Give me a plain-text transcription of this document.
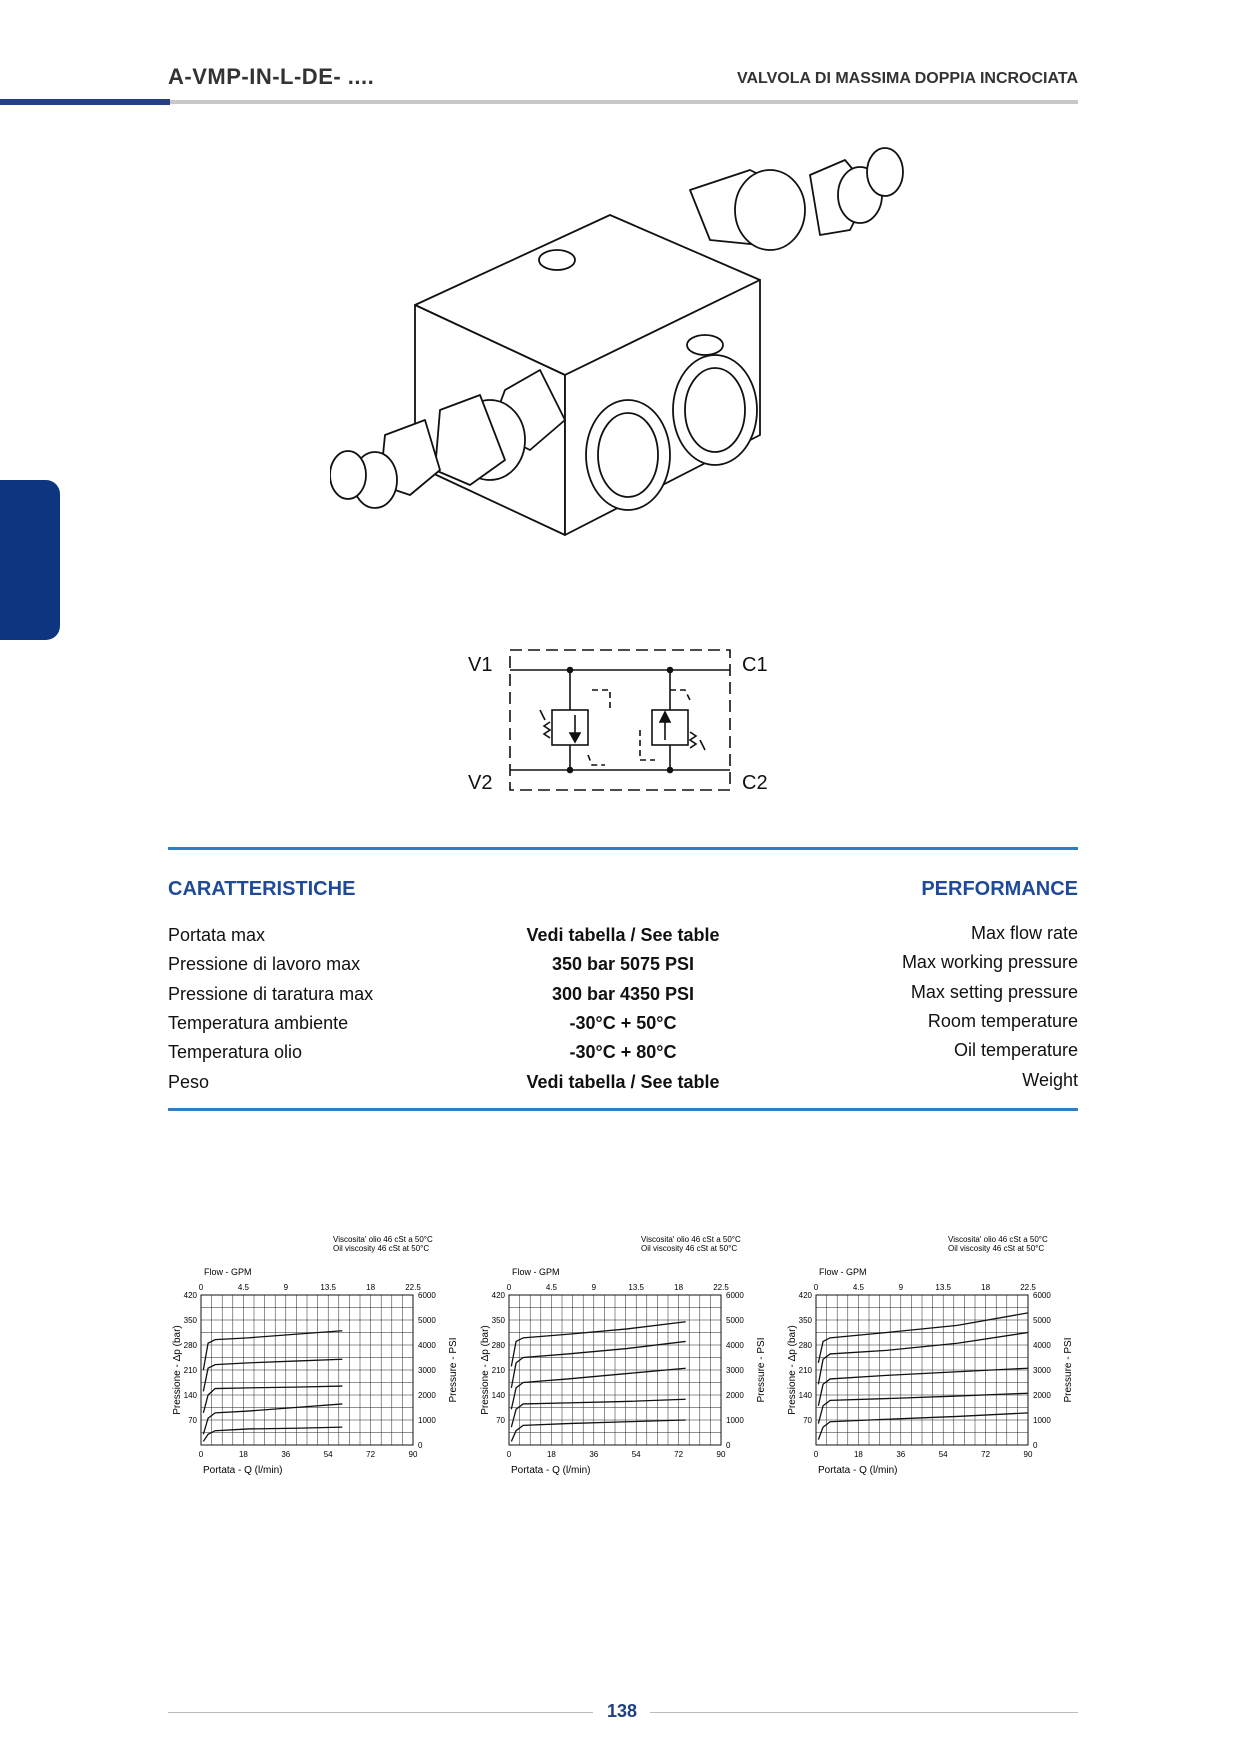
A-VMP-IN-L-DE- ....	VALVOLA DI MASSIMA DOPPIA INCROCIATA
V1	C1
V2	C2
CARATTERISTICHE	PERFORMANCE
Portata max	Vedi tabella / See table	Max flow rate
Pressione di lavoro max	350 bar 5075 PSI	Max working pressure
Pressione di taratura max	300 bar 4350 PSI	Max setting pressure
Temperatura ambiente	-30°C + 50°C	Room temperature
Temperatura olio	-30°C + 80°C	Oil temperature
Peso	Vedi tabella / See table	Weight
Viscosita' olio 46 cSt a 50°C
Oil viscosity 46 cSt at 50°C
Flow - GPM
0	4.5	9	13.5	18	22.5
0	18	36	54	72	90
Portata - Q (l/min)
70
140
210
280
350
420
0
1000
2000
3000
4000
5000
6000
Pressione - Δp (bar)	Pressure - PSI
Viscosita' olio 46 cSt a 50°C
Oil viscosity 46 cSt at 50°C
Flow - GPM
0	4.5	9	13.5	18	22.5
0	18	36	54	72	90
Portata - Q (l/min)
70
140
210
280
350
420
0
1000
2000
3000
4000
5000
6000
Pressione - Δp (bar)	Pressure - PSI
Viscosita' olio 46 cSt a 50°C
Oil viscosity 46 cSt at 50°C
Flow - GPM
0	4.5	9	13.5	18	22.5
0	18	36	54	72	90
Portata - Q (l/min)
70
140
210
280
350
420
0
1000
2000
3000
4000
5000
6000
Pressione - Δp (bar)	Pressure - PSI
138
